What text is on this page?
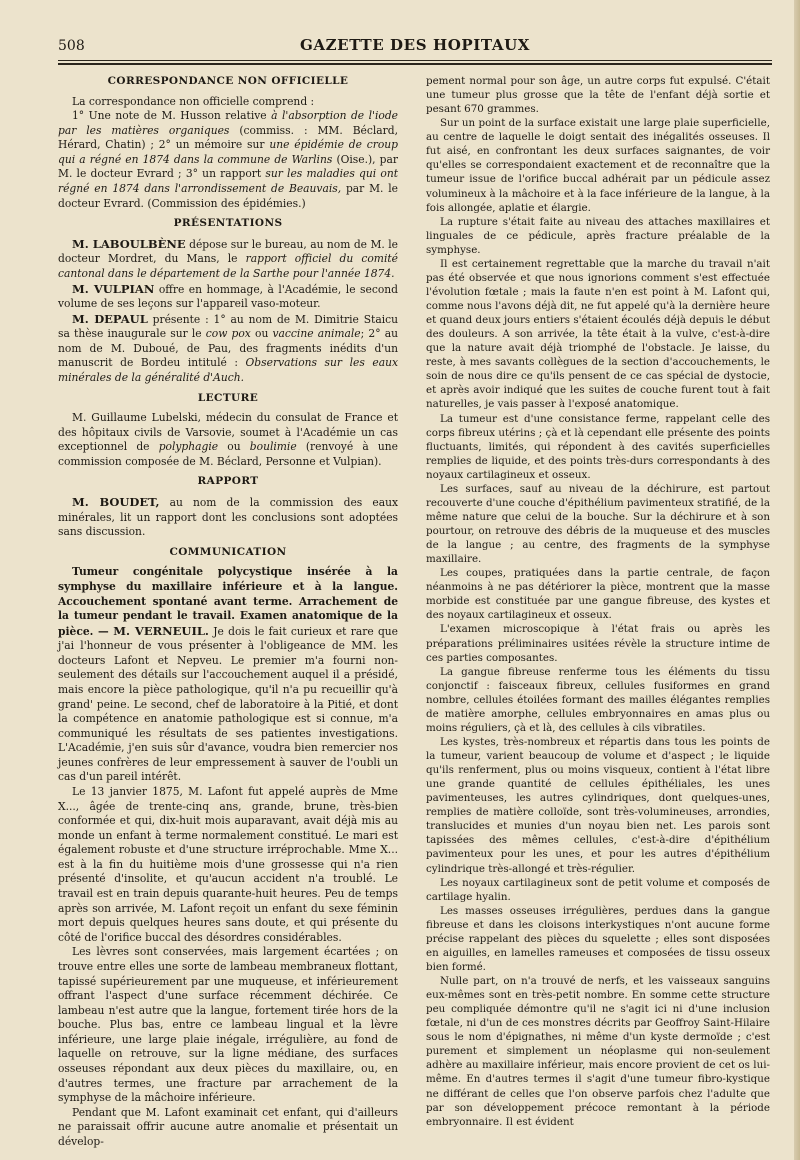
508	GAZETTE DES HOPITAUX
CORRESPONDANCE NON OFFICIELLE

La correspondance non officielle comprend :

1° Une note de M. Husson relative à l'absorption de l'iode par les matières organiques (commiss. : MM. Béclard, Hérard, Chatin) ; 2° un mémoire sur une épidémie de croup qui a régné en 1874 dans la commune de Warlins (Oise.), par M. le docteur Evrard ; 3° un rapport sur les maladies qui ont régné en 1874 dans l'arrondissement de Beauvais, par M. le docteur Evrard. (Commission des épidémies.)

PRÉSENTATIONS

M. LABOULBÈNE dépose sur le bureau, au nom de M. le docteur Mordret, du Mans, le rapport officiel du comité cantonal dans le département de la Sarthe pour l'année 1874.

M. VULPIAN offre en hommage, à l'Académie, le second volume de ses leçons sur l'appareil vaso-moteur.

M. DEPAUL présente : 1° au nom de M. Dimitrie Staicu sa thèse inaugurale sur le cow pox ou vaccine animale; 2° au nom de M. Duboué, de Pau, des fragments inédits d'un manuscrit de Bordeu intitulé : Observations sur les eaux minérales de la généralité d'Auch.

LECTURE

M. Guillaume Lubelski, médecin du consulat de France et des hôpitaux civils de Varsovie, soumet à l'Académie un cas exceptionnel de polyphagie ou boulimie (renvoyé à une commission composée de M. Béclard, Personne et Vulpian).

RAPPORT

M. BOUDET, au nom de la commission des eaux minérales, lit un rapport dont les conclusions sont adoptées sans discussion.

COMMUNICATION

Tumeur congénitale polycystique insérée à la symphyse du maxillaire inférieure et à la langue. Accouchement spontané avant terme. Arrachement de la tumeur pendant le travail. Examen anatomique de la pièce. — M. VERNEUIL. Je dois le fait curieux et rare que j'ai l'honneur de vous présenter à l'obligeance de MM. les docteurs Lafont et Nepveu. Le premier m'a fourni non-seulement des détails sur l'accouchement auquel il a présidé, mais encore la pièce pathologique, qu'il n'a pu recueillir qu'à grand' peine. Le second, chef de laboratoire à la Pitié, et dont la compétence en anatomie pathologique est si connue, m'a communiqué les résultats de ses patientes investigations. L'Académie, j'en suis sûr d'avance, voudra bien remercier nos jeunes confrères de leur empressement à sauver de l'oubli un cas d'un pareil intérêt.

Le 13 janvier 1875, M. Lafont fut appelé auprès de Mme X..., âgée de trente-cinq ans, grande, brune, très-bien conformée et qui, dix-huit mois auparavant, avait déjà mis au monde un enfant à terme normalement constitué. Le mari est également robuste et d'une structure irréprochable. Mme X... est à la fin du huitième mois d'une grossesse qui n'a rien présenté d'insolite, et qu'aucun accident n'a troublé. Le travail est en train depuis quarante-huit heures. Peu de temps après son arrivée, M. Lafont reçoit un enfant du sexe féminin mort depuis quelques heures sans doute, et qui présente du côté de l'orifice buccal des désordres considérables.

Les lèvres sont conservées, mais largement écartées ; on trouve entre elles une sorte de lambeau membraneux flottant, tapissé supérieurement par une muqueuse, et inférieurement offrant l'aspect d'une surface récemment déchirée. Ce lambeau n'est autre que la langue, fortement tirée hors de la bouche. Plus bas, entre ce lambeau lingual et la lèvre inférieure, une large plaie inégale, irrégulière, au fond de laquelle on retrouve, sur la ligne médiane, des surfaces osseuses répondant aux deux pièces du maxillaire, ou, en d'autres termes, une fracture par arrachement de la symphyse de la mâchoire inférieure.

Pendant que M. Lafont examinait cet enfant, qui d'ailleurs ne paraissait offrir aucune autre anomalie et présentait un dévelop-

pement normal pour son âge, un autre corps fut expulsé. C'était une tumeur plus grosse que la tête de l'enfant déjà sortie et pesant 670 grammes.

Sur un point de la surface existait une large plaie superficielle, au centre de laquelle le doigt sentait des inégalités osseuses. Il fut aisé, en confrontant les deux surfaces saignantes, de voir qu'elles se correspondaient exactement et de reconnaître que la tumeur issue de l'orifice buccal adhérait par un pédicule assez volumineux à la mâchoire et à la face inférieure de la langue, à la fois allongée, aplatie et élargie.

La rupture s'était faite au niveau des attaches maxillaires et linguales de ce pédicule, après fracture préalable de la symphyse.

Il est certainement regrettable que la marche du travail n'ait pas été observée et que nous ignorions comment s'est effectuée l'évolution fœtale ; mais la faute n'en est point à M. Lafont qui, comme nous l'avons déjà dit, ne fut appelé qu'à la dernière heure et quand deux jours entiers s'étaient écoulés déjà depuis le début des douleurs. A son arrivée, la tête était à la vulve, c'est-à-dire que la nature avait déjà triomphé de l'obstacle. Je laisse, du reste, à mes savants collègues de la section d'accouchements, le soin de nous dire ce qu'ils pensent de ce cas spécial de dystocie, et après avoir indiqué que les suites de couche furent tout à fait naturelles, je vais passer à l'exposé anatomique.

La tumeur est d'une consistance ferme, rappelant celle des corps fibreux utérins ; çà et là cependant elle présente des points fluctuants, limités, qui répondent à des cavités superficielles remplies de liquide, et des points très-durs correspondants à des noyaux cartilagineux et osseux.

Les surfaces, sauf au niveau de la déchirure, est partout recouverte d'une couche d'épithélium pavimenteux stratifié, de la même nature que celui de la bouche. Sur la déchirure et à son pourtour, on retrouve des débris de la muqueuse et des muscles de la langue ; au centre, des fragments de la symphyse maxillaire.

Les coupes, pratiquées dans la partie centrale, de façon néanmoins à ne pas détériorer la pièce, montrent que la masse morbide est constituée par une gangue fibreuse, des kystes et des noyaux cartilagineux et osseux.

L'examen microscopique à l'état frais ou après les préparations préliminaires usitées révèle la structure intime de ces parties composantes.

La gangue fibreuse renferme tous les éléments du tissu conjonctif : faisceaux fibreux, cellules fusiformes en grand nombre, cellules étoilées formant des mailles élégantes remplies de matière amorphe, cellules embryonnaires en amas plus ou moins réguliers, çà et là, des cellules à cils vibratiles.

Les kystes, très-nombreux et répartis dans tous les points de la tumeur, varient beaucoup de volume et d'aspect ; le liquide qu'ils renferment, plus ou moins visqueux, contient à l'état libre une grande quantité de cellules épithéliales, les unes pavimenteuses, les autres cylindriques, dont quelques-unes, remplies de matière colloïde, sont très-volumineuses, arrondies, translucides et munies d'un noyau bien net. Les parois sont tapissées des mêmes cellules, c'est-à-dire d'épithélium pavimenteux pour les unes, et pour les autres d'épithélium cylindrique très-allongé et très-régulier.

Les noyaux cartilagineux sont de petit volume et composés de cartilage hyalin.

Les masses osseuses irrégulières, perdues dans la gangue fibreuse et dans les cloisons interkystiques n'ont aucune forme précise rappelant des pièces du squelette ; elles sont disposées en aiguilles, en lamelles rameuses et composées de tissu osseux bien formé.

Nulle part, on n'a trouvé de nerfs, et les vaisseaux sanguins eux-mêmes sont en très-petit nombre. En somme cette structure peu compliquée démontre qu'il ne s'agit ici ni d'une inclusion fœtale, ni d'un de ces monstres décrits par Geoffroy Saint-Hilaire sous le nom d'épignathes, ni même d'un kyste dermoïde ; c'est purement et simplement un néoplasme qui non-seulement adhère au maxillaire inférieur, mais encore provient de cet os lui-même. En d'autres termes il s'agit d'une tumeur fibro-kystique ne différant de celles que l'on observe parfois chez l'adulte que par son développement précoce remontant à la période embryonnaire. Il est évident
